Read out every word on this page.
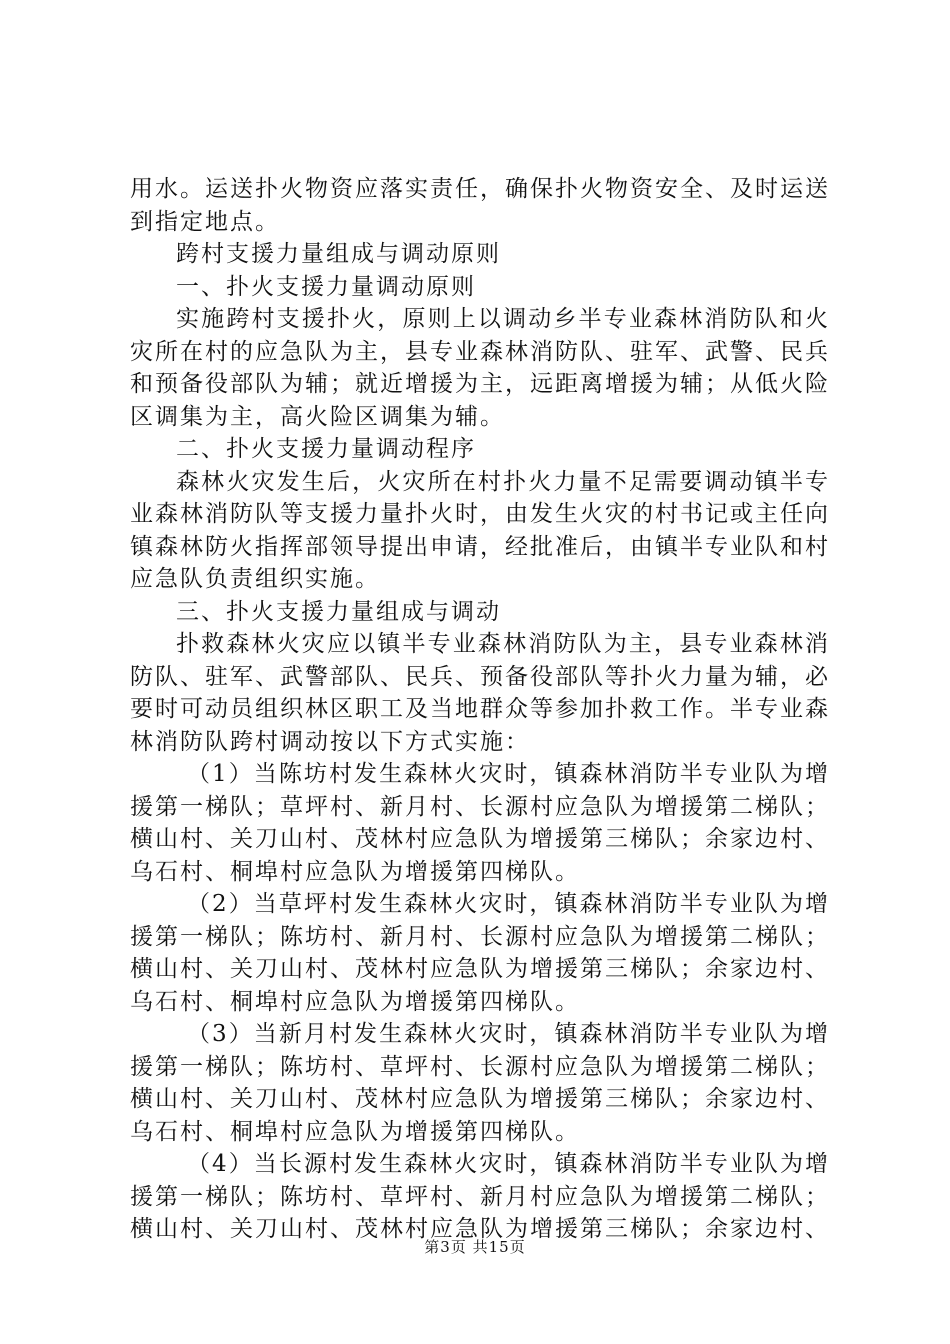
用水。运送扑火物资应落实责任，确保扑火物资安全、及时运送到指定地点。

跨村支援力量组成与调动原则

一、扑火支援力量调动原则

实施跨村支援扑火，原则上以调动乡半专业森林消防队和火灾所在村的应急队为主，县专业森林消防队、驻军、武警、民兵和预备役部队为辅；就近增援为主，远距离增援为辅；从低火险区调集为主，高火险区调集为辅。

二、扑火支援力量调动程序

森林火灾发生后，火灾所在村扑火力量不足需要调动镇半专业森林消防队等支援力量扑火时，由发生火灾的村书记或主任向镇森林防火指挥部领导提出申请，经批准后，由镇半专业队和村应急队负责组织实施。

三、扑火支援力量组成与调动

扑救森林火灾应以镇半专业森林消防队为主，县专业森林消防队、驻军、武警部队、民兵、预备役部队等扑火力量为辅，必要时可动员组织林区职工及当地群众等参加扑救工作。半专业森林消防队跨村调动按以下方式实施：

（1）当陈坊村发生森林火灾时，镇森林消防半专业队为增援第一梯队；草坪村、新月村、长源村应急队为增援第二梯队；横山村、关刀山村、茂林村应急队为增援第三梯队；余家边村、乌石村、桐埠村应急队为增援第四梯队。

（2）当草坪村发生森林火灾时，镇森林消防半专业队为增援第一梯队；陈坊村、新月村、长源村应急队为增援第二梯队；横山村、关刀山村、茂林村应急队为增援第三梯队；余家边村、乌石村、桐埠村应急队为增援第四梯队。

（3）当新月村发生森林火灾时，镇森林消防半专业队为增援第一梯队；陈坊村、草坪村、长源村应急队为增援第二梯队；横山村、关刀山村、茂林村应急队为增援第三梯队；余家边村、乌石村、桐埠村应急队为增援第四梯队。

（4）当长源村发生森林火灾时，镇森林消防半专业队为增援第一梯队；陈坊村、草坪村、新月村应急队为增援第二梯队；横山村、关刀山村、茂林村应急队为增援第三梯队；余家边村、

第3页 共15页
